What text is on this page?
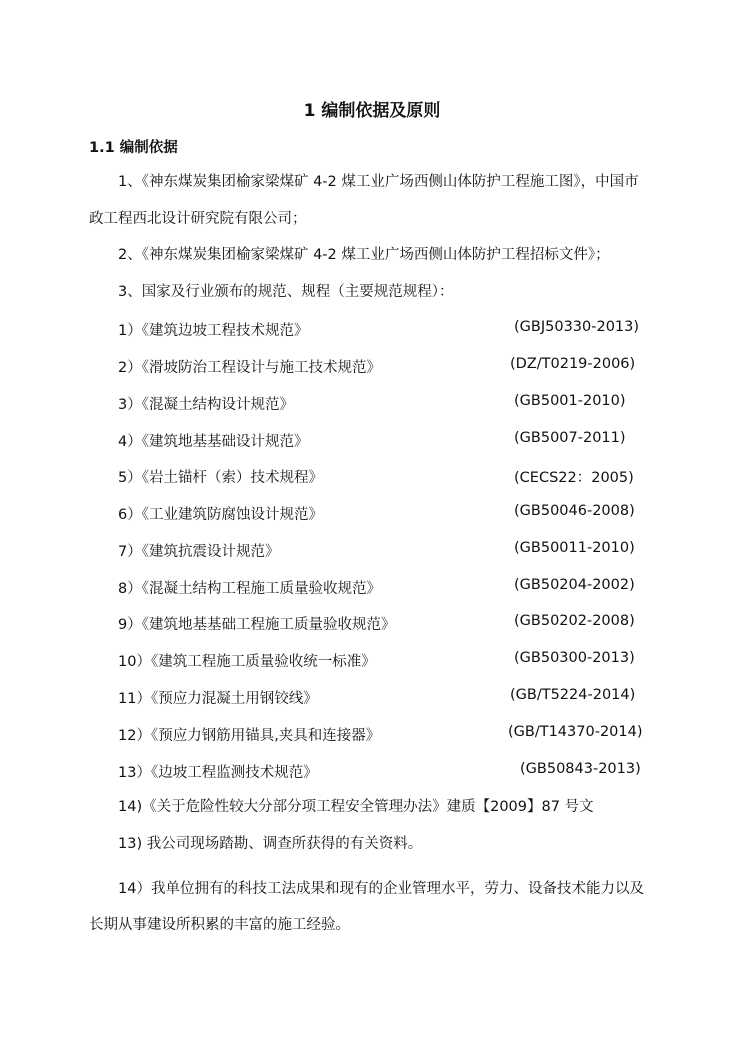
1 编制依据及原则
1.1 编制依据
1、《神东煤炭集团榆家梁煤矿 4-2 煤工业广场西侧山体防护工程施工图》，中国市
政工程西北设计研究院有限公司；
2、《神东煤炭集团榆家梁煤矿 4-2 煤工业广场西侧山体防护工程招标文件》；
3、国家及行业颁布的规范、规程（主要规范规程）：
1）《建筑边坡工程技术规范》	(GBJ50330-2013)
2）《滑坡防治工程设计与施工技术规范》	(DZ/T0219-2006)
3）《混凝土结构设计规范》	(GB5001-2010)
4）《建筑地基基础设计规范》	(GB5007-2011)
5）《岩土锚杆（索）技术规程》	(CECS22：2005)
6）《工业建筑防腐蚀设计规范》	(GB50046-2008)
7）《建筑抗震设计规范》	(GB50011-2010)
8）《混凝土结构工程施工质量验收规范》	(GB50204-2002)
9）《建筑地基基础工程施工质量验收规范》	(GB50202-2008)
10）《建筑工程施工质量验收统一标准》	(GB50300-2013)
11）《预应力混凝土用钢铰线》	(GB/T5224-2014)
12）《预应力钢筋用锚具,夹具和连接器》	(GB/T14370-2014)
13）《边坡工程监测技术规范》	(GB50843-2013)
14)《关于危险性较大分部分项工程安全管理办法》建质【2009】87 号文
13) 我公司现场踏勘、调查所获得的有关资料。
14）我单位拥有的科技工法成果和现有的企业管理水平，劳力、设备技术能力以及
长期从事建设所积累的丰富的施工经验。
